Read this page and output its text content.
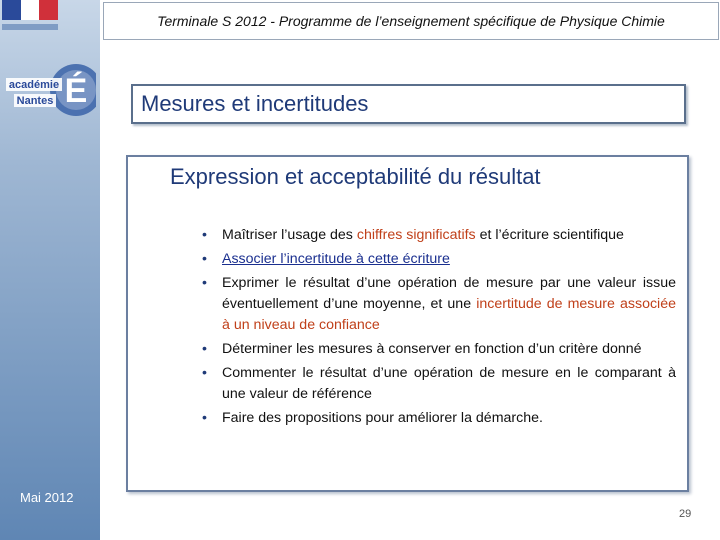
É
académie
Nantes
Mai 2012
Terminale S 2012 - Programme de l’enseignement spécifique de Physique Chimie
Mesures et incertitudes
Expression et acceptabilité du résultat
• Maîtriser l’usage des chiffres significatifs et l’écriture scientifique
• Associer l’incertitude à cette écriture
• Exprimer le résultat d’une opération de mesure par une valeur issue éventuellement d’une moyenne, et une incertitude de mesure associée à un niveau de confiance
• Déterminer les mesures à conserver en fonction d’un critère donné
• Commenter le résultat d’une opération de mesure en le comparant à une valeur de référence
• Faire des propositions pour améliorer la démarche.
29
